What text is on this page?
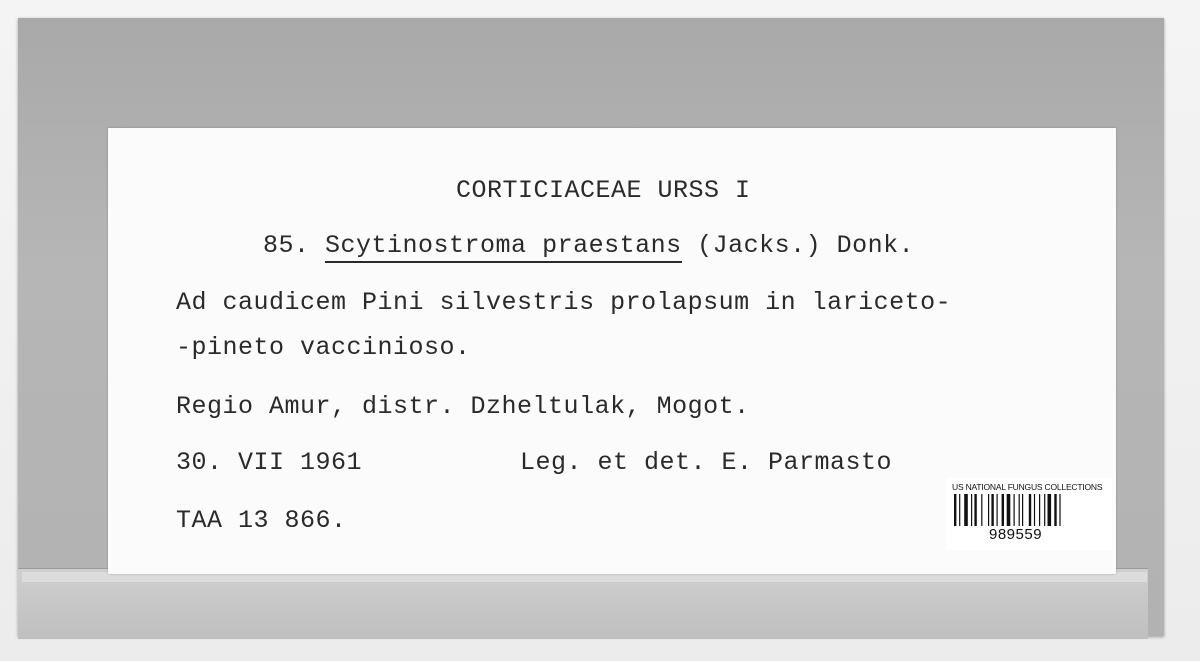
CORTICIACEAE URSS I
85. Scytinostroma praestans (Jacks.) Donk.
Ad caudicem Pini silvestris prolapsum in lariceto-
-pineto vaccinioso.
Regio Amur, distr. Dzheltulak, Mogot.
30. VII 1961	Leg. et det. E. Parmasto
TAA 13 866.
US NATIONAL FUNGUS COLLECTIONS
989559
